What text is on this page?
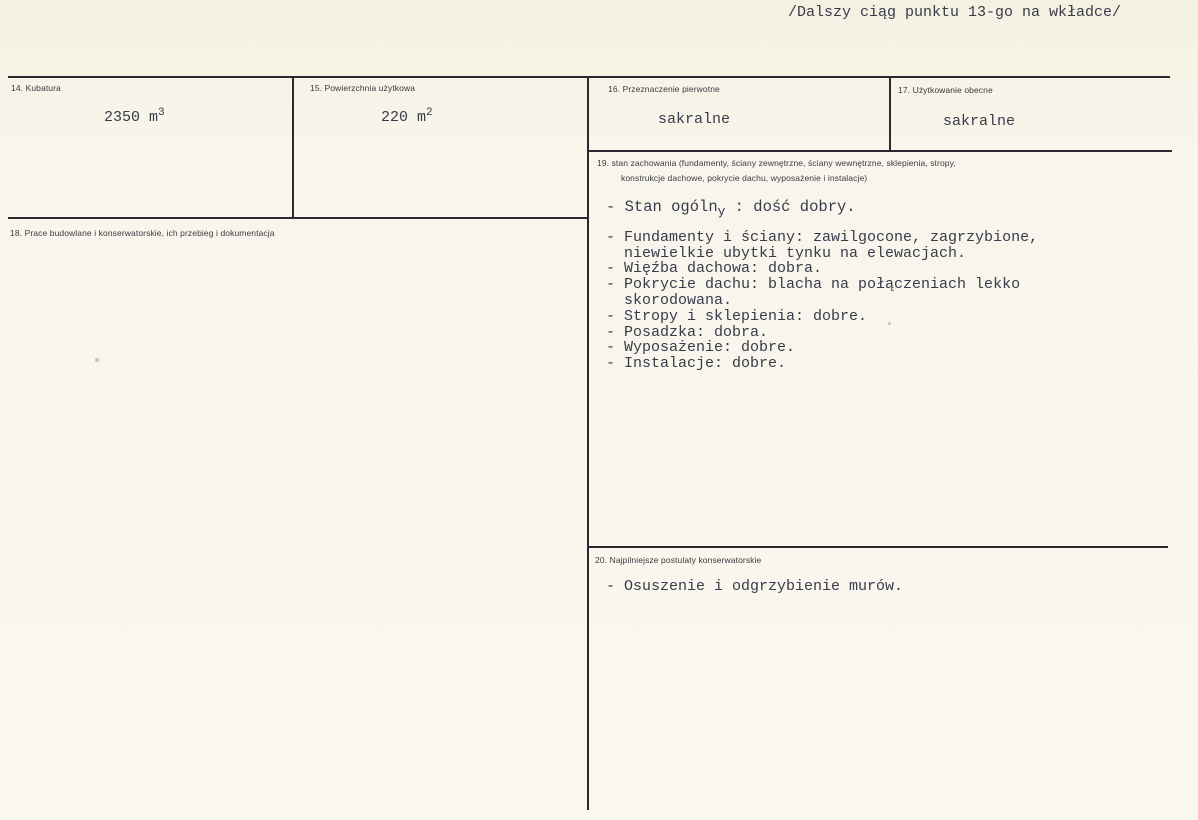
/Dalszy ciąg punktu 13-go na wkładce/
14. Kubatura
2350 $m^3$
15. Powierzchnia użytkowa
220 $m^2$
16. Przeznaczenie pierwotne
sakralne
17. Użytkowanie obecne
sakralne
18. Prace budowlane i konserwatorskie, ich przebieg i dokumentacja
19. stan zachowania (fundamenty, ściany zewnętrzne, ściany wewnętrzne, sklepienia, stropy,
konstrukcje dachowe, pokrycie dachu, wyposażenie i instalacje)
- Stan ogóln$_y$ : dość dobry.
- Fundamenty i ściany: zawilgocone, zagrzybione,
niewielkie ubytki tynku na elewacjach.
- Więźba dachowa: dobra.
- Pokrycie dachu: blacha na połączeniach lekko
skorodowana.
- Stropy i sklepienia: dobre.
- Posadzka: dobra.
- Wyposażenie: dobre.
- Instalacje: dobre.
20. Najpilniejsze postulaty konserwatorskie
- Osuszenie i odgrzybienie murów.
